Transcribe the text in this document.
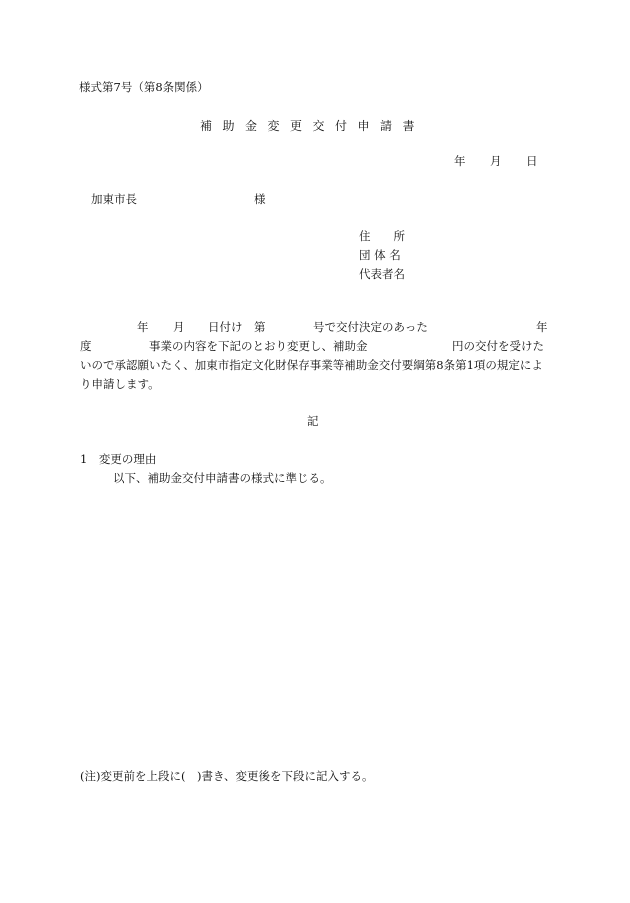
様式第7号（第8条関係）
補助金変更交付申請書
年 月 日
加東市長	様
住　　所
団 体 名
代表者名
年 月 日付け　第	号で交付決定のあった	年
度	事業の内容を下記のとおり変更し、補助金	円の交付を受けた
いので承認願いたく、加東市指定文化財保存事業等補助金交付要綱第8条第1項の規定によ
り申請します。
記
1　変更の理由
以下、補助金交付申請書の様式に準じる。
(注)変更前を上段に(　)書き、変更後を下段に記入する。
